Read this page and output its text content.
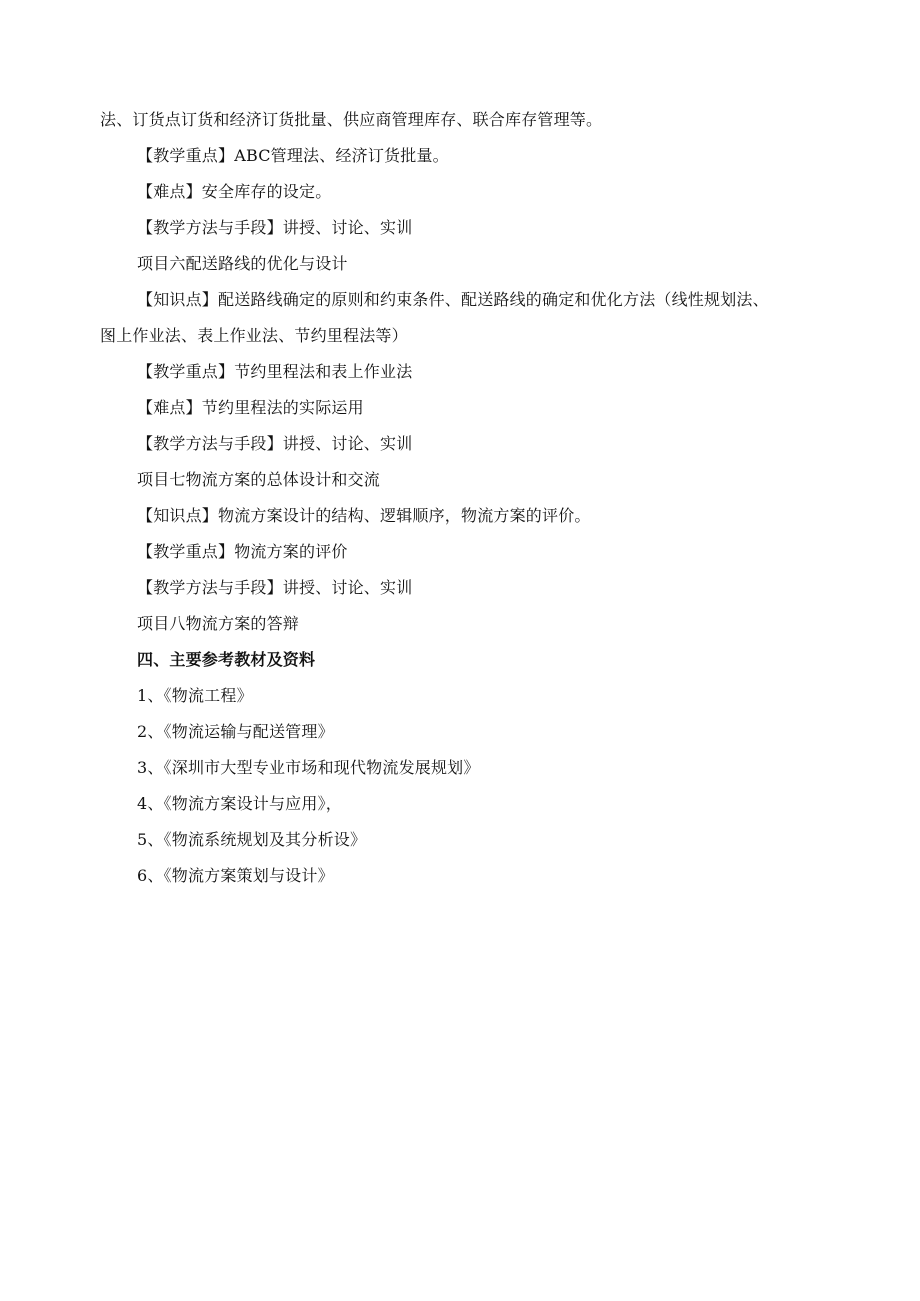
法、订货点订货和经济订货批量、供应商管理库存、联合库存管理等。
【教学重点】ABC管理法、经济订货批量。
【难点】安全库存的设定。
【教学方法与手段】讲授、讨论、实训
项目六配送路线的优化与设计
【知识点】配送路线确定的原则和约束条件、配送路线的确定和优化方法（线性规划法、
图上作业法、表上作业法、节约里程法等）
【教学重点】节约里程法和表上作业法
【难点】节约里程法的实际运用
【教学方法与手段】讲授、讨论、实训
项目七物流方案的总体设计和交流
【知识点】物流方案设计的结构、逻辑顺序，物流方案的评价。
【教学重点】物流方案的评价
【教学方法与手段】讲授、讨论、实训
项目八物流方案的答辩
四、主要参考教材及资料
1、《物流工程》
2、《物流运输与配送管理》
3、《深圳市大型专业市场和现代物流发展规划》
4、《物流方案设计与应用》，
5、《物流系统规划及其分析设》
6、《物流方案策划与设计》
